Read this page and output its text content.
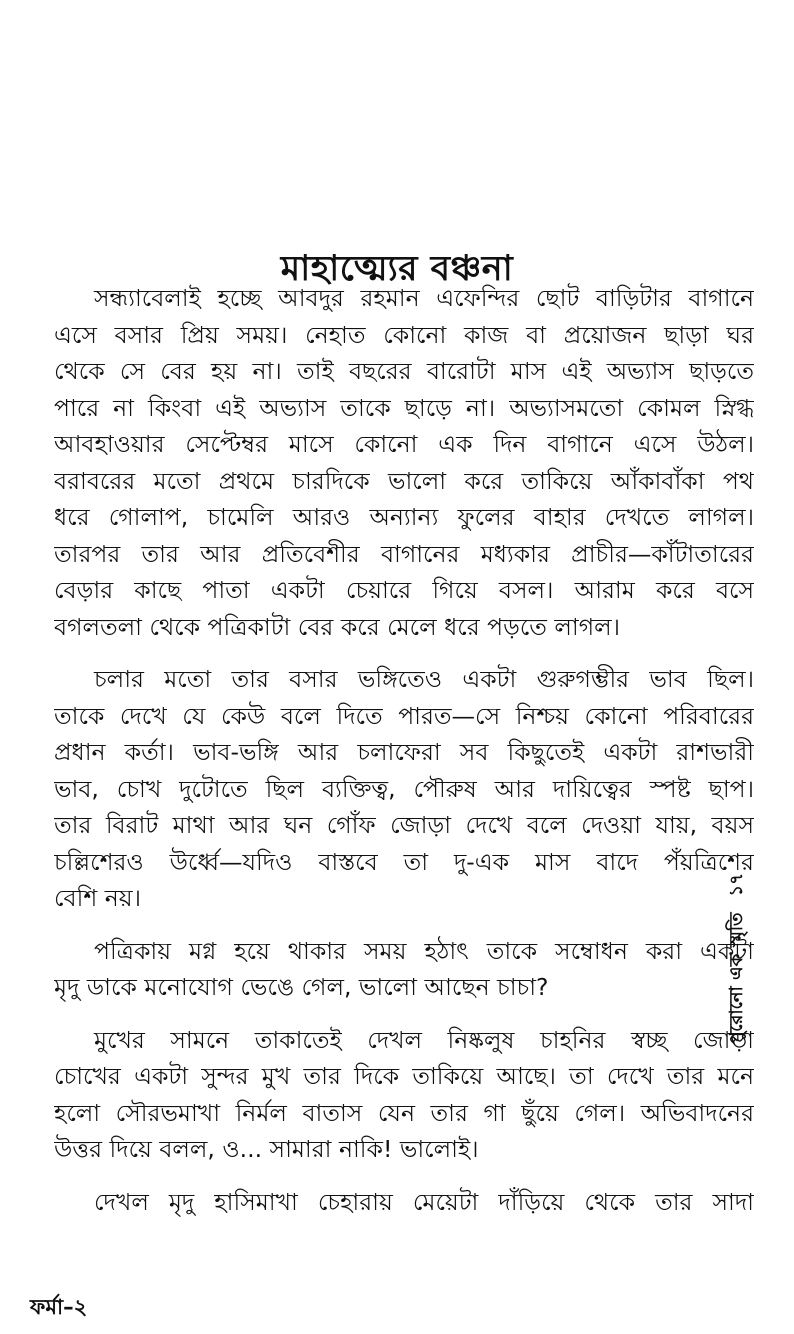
মাহাত্ম্যের বঞ্চনা
সন্ধ্যাবেলাই হচ্ছে আবদুর রহমান এফেন্দির ছোট বাড়িটার বাগানে
এসে বসার প্রিয় সময়। নেহাত কোনো কাজ বা প্রয়োজন ছাড়া ঘর
থেকে সে বের হয় না। তাই বছরের বারোটা মাস এই অভ্যাস ছাড়তে
পারে না কিংবা এই অভ্যাস তাকে ছাড়ে না। অভ্যাসমতো কোমল স্নিগ্ধ
আবহাওয়ার সেপ্টেম্বর মাসে কোনো এক দিন বাগানে এসে উঠল।
বরাবরের মতো প্রথমে চারদিকে ভালো করে তাকিয়ে আঁকাবাঁকা পথ
ধরে গোলাপ, চামেলি আরও অন্যান্য ফুলের বাহার দেখতে লাগল।
তারপর তার আর প্রতিবেশীর বাগানের মধ্যকার প্রাচীর—কাঁটাতারের
বেড়ার কাছে পাতা একটা চেয়ারে গিয়ে বসল। আরাম করে বসে
বগলতলা থেকে পত্রিকাটা বের করে মেলে ধরে পড়তে লাগল।
চলার মতো তার বসার ভঙ্গিতেও একটা গুরুগম্ভীর ভাব ছিল।
তাকে দেখে যে কেউ বলে দিতে পারত—সে নিশ্চয় কোনো পরিবারের
প্রধান কর্তা। ভাব-ভঙ্গি আর চলাফেরা সব কিছুতেই একটা রাশভারী
ভাব, চোখ দুটোতে ছিল ব্যক্তিত্ব, পৌরুষ আর দায়িত্বের স্পষ্ট ছাপ।
তার বিরাট মাথা আর ঘন গোঁফ জোড়া দেখে বলে দেওয়া যায়, বয়স
চল্লিশেরও উর্ধ্বে—যদিও বাস্তবে তা দু-এক মাস বাদে পঁয়ত্রিশের
বেশি নয়।
পত্রিকায় মগ্ন হয়ে থাকার সময় হঠাৎ তাকে সম্বোধন করা একটা
মৃদু ডাকে মনোযোগ ভেঙে গেল, ভালো আছেন চাচা?
মুখের সামনে তাকাতেই দেখল নিষ্কলুষ চাহনির স্বচ্ছ জোড়া
চোখের একটা সুন্দর মুখ তার দিকে তাকিয়ে আছে। তা দেখে তার মনে
হলো সৌরভমাখা নির্মল বাতাস যেন তার গা ছুঁয়ে গেল। অভিবাদনের
উত্তর দিয়ে বলল, ও... সামারা নাকি! ভালোই।
দেখল মৃদু হাসিমাখা চেহারায় মেয়েটা দাঁড়িয়ে থেকে তার সাদা
পুরোনো এক স্মৃতি
১৭
ফর্মা–২
